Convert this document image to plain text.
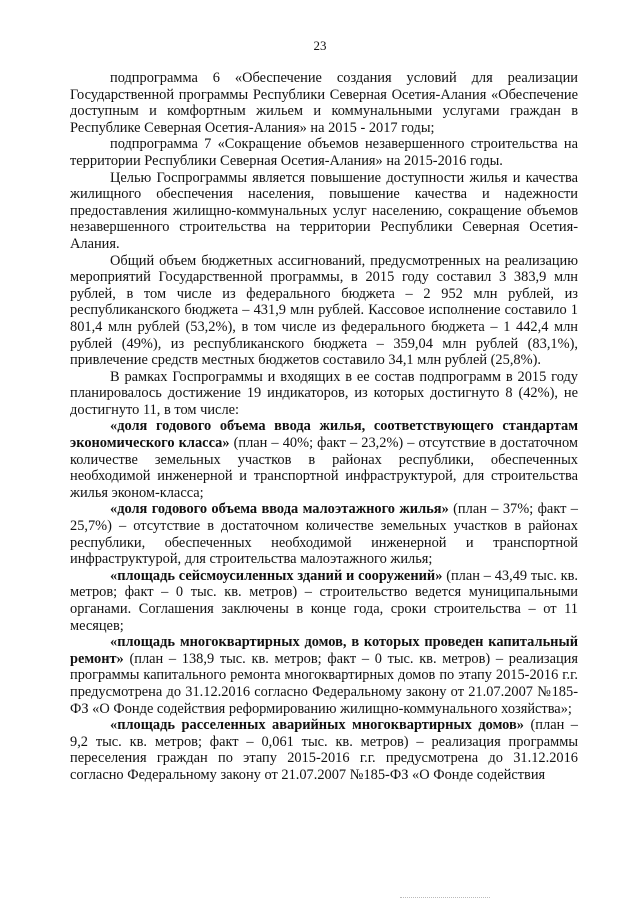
23

подпрограмма 6 «Обеспечение создания условий для реализации Государственной программы Республики Северная Осетия-Алания «Обеспечение доступным и комфортным жильем и коммунальными услугами граждан в Республике Северная Осетия-Алания» на 2015 - 2017 годы;

подпрограмма 7 «Сокращение объемов незавершенного строительства на территории Республики Северная Осетия-Алания» на 2015-2016 годы.

Целью Госпрограммы является повышение доступности жилья и качества жилищного обеспечения населения, повышение качества и надежности предоставления жилищно-коммунальных услуг населению, сокращение объемов незавершенного строительства на территории Республики Северная Осетия-Алания.

Общий объем бюджетных ассигнований, предусмотренных на реализацию мероприятий Государственной программы, в 2015 году составил 3 383,9 млн рублей, в том числе из федерального бюджета – 2 952 млн рублей, из республиканского бюджета – 431,9 млн рублей. Кассовое исполнение составило 1 801,4 млн рублей (53,2%), в том числе из федерального бюджета – 1 442,4 млн рублей (49%), из республиканского бюджета – 359,04 млн рублей (83,1%), привлечение средств местных бюджетов составило 34,1 млн рублей (25,8%).

В рамках Госпрограммы и входящих в ее состав подпрограмм в 2015 году планировалось достижение 19 индикаторов, из которых достигнуто 8 (42%), не достигнуто 11, в том числе:

«доля годового объема ввода жилья, соответствующего стандартам экономического класса» (план – 40%; факт – 23,2%) – отсутствие в достаточном количестве земельных участков в районах республики, обеспеченных необходимой инженерной и транспортной инфраструктурой, для строительства жилья эконом-класса;

«доля годового объема ввода малоэтажного жилья» (план – 37%; факт – 25,7%) – отсутствие в достаточном количестве земельных участков в районах республики, обеспеченных необходимой инженерной и транспортной инфраструктурой, для строительства малоэтажного жилья;

«площадь сейсмоусиленных зданий и сооружений» (план – 43,49 тыс. кв. метров; факт – 0 тыс. кв. метров) – строительство ведется муниципальными органами. Соглашения заключены в конце года, сроки строительства – от 11 месяцев;

«площадь многоквартирных домов, в которых проведен капитальный ремонт» (план – 138,9 тыс. кв. метров; факт – 0 тыс. кв. метров) – реализация программы капитального ремонта многоквартирных домов по этапу 2015-2016 г.г. предусмотрена до 31.12.2016 согласно Федеральному закону от 21.07.2007 №185-ФЗ «О Фонде содействия реформированию жилищно-коммунального хозяйства»;

«площадь расселенных аварийных многоквартирных домов» (план – 9,2 тыс. кв. метров; факт – 0,061 тыс. кв. метров) – реализация программы переселения граждан по этапу 2015-2016 г.г. предусмотрена до 31.12.2016 согласно Федеральному закону от 21.07.2007 №185-ФЗ «О Фонде содействия
